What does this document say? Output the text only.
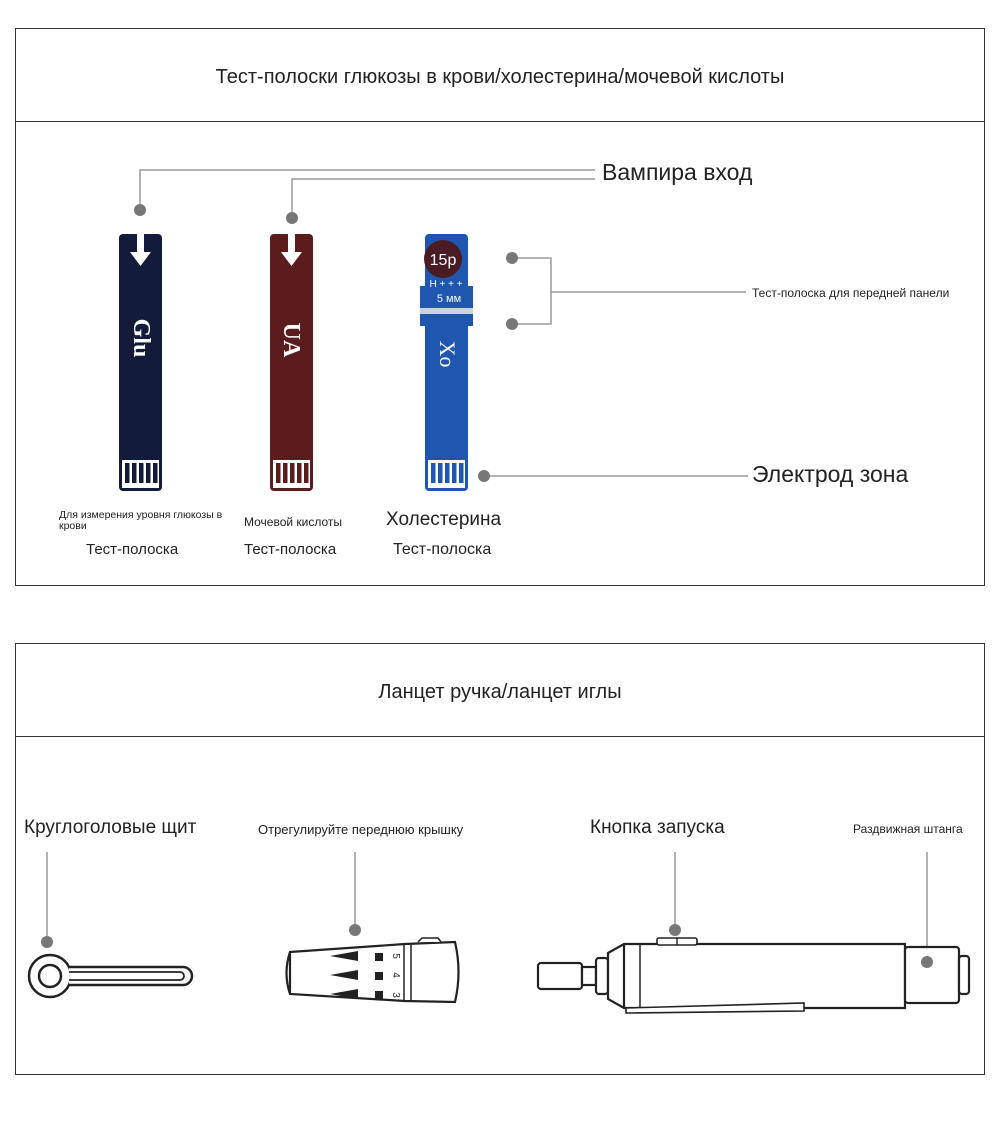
Тест-полоски глюкозы в крови/холестерина/мочевой кислоты
Glu	UA
15р
Н + + +
5 мм
Xo
Вампира вход
Тест-полоска для передней панели
Электрод зона
Для измерения уровня глюкозы в крови
Тест-полоска
Мочевой кислоты
Тест-полоска
Холестерина
Тест-полоска
Ланцет ручка/ланцет иглы
5
4
3
Круглоголовые щит	Отрегулируйте переднюю крышку	Кнопка запуска	Раздвижная штанга
